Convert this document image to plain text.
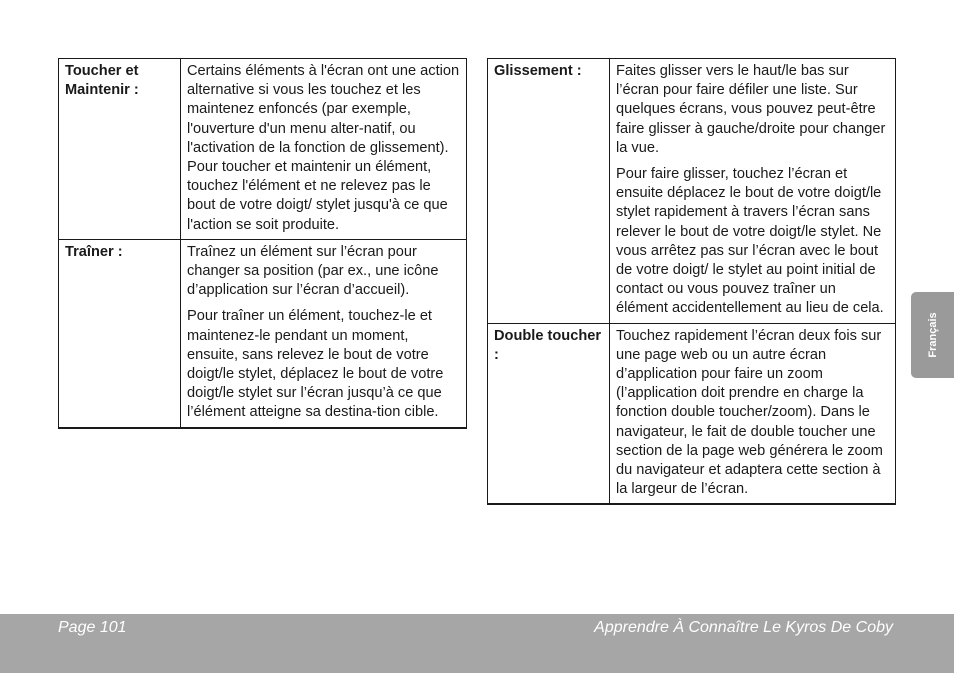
Toucher et Maintenir :	Certains éléments à l'écran ont une action alternative si vous les touchez et les maintenez enfoncés (par exemple, l'ouverture d'un menu alter-natif, ou l'activation de la fonction de glissement). Pour toucher et maintenir un élément, touchez l'élément et ne relevez pas le bout de votre doigt/ stylet jusqu'à ce que l'action se soit produite.

Traîner :	Traînez un élément sur l’écran pour changer sa position (par ex., une icône d’application sur l’écran d’accueil).

Pour traîner un élément, touchez-le et maintenez-le pendant un moment, ensuite, sans relevez le bout de votre doigt/le stylet, déplacez le bout de votre doigt/le stylet sur l’écran jusqu’à ce que l’élément atteigne sa destina-tion cible.

Glissement :	Faites glisser vers le haut/le bas sur l’écran pour faire défiler une liste. Sur quelques écrans, vous pouvez peut-être faire glisser à gauche/droite pour changer la vue.

Pour faire glisser, touchez l’écran et ensuite déplacez le bout de votre doigt/le stylet rapidement à travers l’écran sans relever le bout de votre doigt/le stylet. Ne vous arrêtez pas sur l’écran avec le bout de votre doigt/ le stylet au point initial de contact ou vous pouvez traîner un élément accidentellement au lieu de cela.

Double toucher :	Touchez rapidement l’écran deux fois sur une page web ou un autre écran d’application pour faire un zoom (l’application doit prendre en charge la fonction double toucher/zoom). Dans le navigateur, le fait de double toucher une section de la page web générera le zoom du navigateur et adaptera cette section à la largeur de l’écran.

Français
Page 101	Apprendre À Connaître Le Kyros De Coby
